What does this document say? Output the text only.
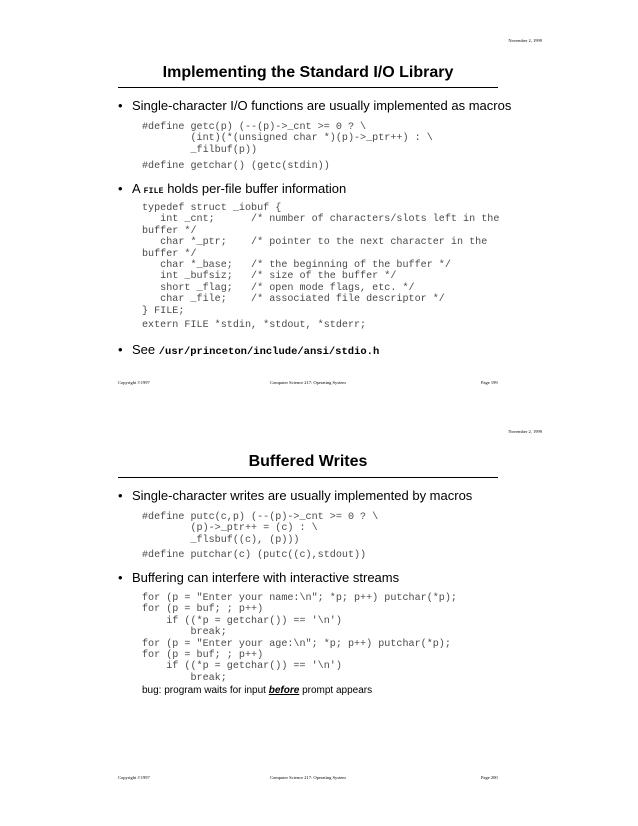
November 2, 1999
Implementing the Standard I/O Library
• Single-character I/O functions are usually implemented as macros
#define getc(p) (--(p)->_cnt >= 0 ? \
(int)(*(unsigned char *)(p)->_ptr++) : \
_filbuf(p))
#define getchar() (getc(stdin))
• A FILE holds per-file buffer information
typedef struct _iobuf {
int _cnt;      /* number of characters/slots left in the
buffer */
char *_ptr;    /* pointer to the next character in the
buffer */
char *_base;   /* the beginning of the buffer */
int _bufsiz;   /* size of the buffer */
short _flag;   /* open mode flags, etc. */
char _file;    /* associated file descriptor */
} FILE;
extern FILE *stdin, *stdout, *stderr;
• See /usr/princeton/include/ansi/stdio.h
Copyright ©1997	Computer Science 217: Operating System	Page 199
November 2, 1999
Buffered Writes
• Single-character writes are usually implemented by macros
#define putc(c,p) (--(p)->_cnt >= 0 ? \
(p)->_ptr++ = (c) : \
_flsbuf((c), (p)))
#define putchar(c) (putc((c),stdout))
• Buffering can interfere with interactive streams
for (p = "Enter your name:\n"; *p; p++) putchar(*p);
for (p = buf; ; p++)
if ((*p = getchar()) == '\n')
break;
for (p = "Enter your age:\n"; *p; p++) putchar(*p);
for (p = buf; ; p++)
if ((*p = getchar()) == '\n')
break;
bug: program waits for input before prompt appears
Copyright ©1997	Computer Science 217: Operating System	Page 200
